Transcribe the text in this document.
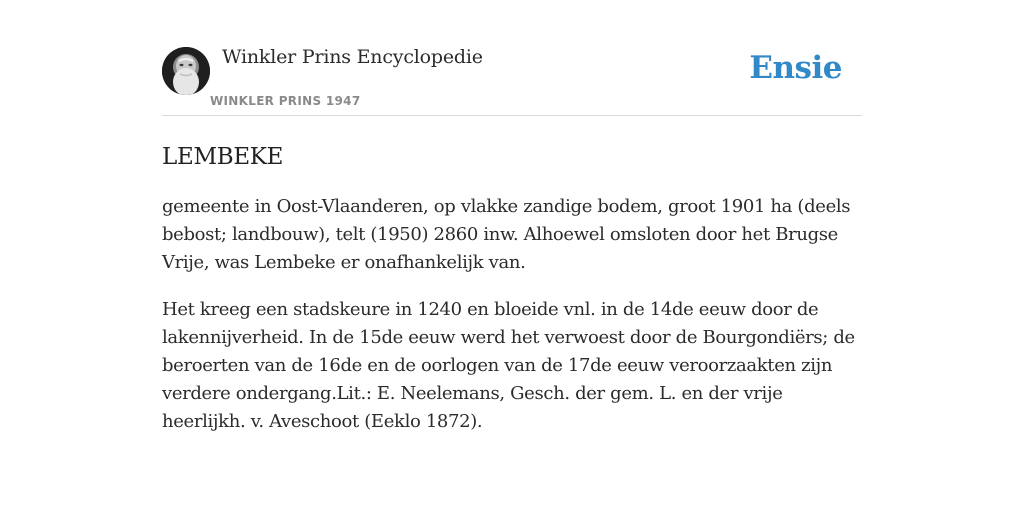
Winkler Prins Encyclopedie
WINKLER PRINS 1947
Ensie
LEMBEKE

gemeente in Oost-Vlaanderen, op vlakke zandige bodem, groot 1901 ha (deels bebost; landbouw), telt (1950) 2860 inw. Alhoewel omsloten door het Brugse Vrije, was Lembeke er onafhankelijk van.

Het kreeg een stadskeure in 1240 en bloeide vnl. in de 14de eeuw door de lakennijverheid. In de 15de eeuw werd het verwoest door de Bourgondiërs; de beroerten van de 16de en de oorlogen van de 17de eeuw veroorzaakten zijn verdere ondergang.Lit.: E. Neelemans, Gesch. der gem. L. en der vrije heerlijkh. v. Aveschoot (Eeklo 1872).
